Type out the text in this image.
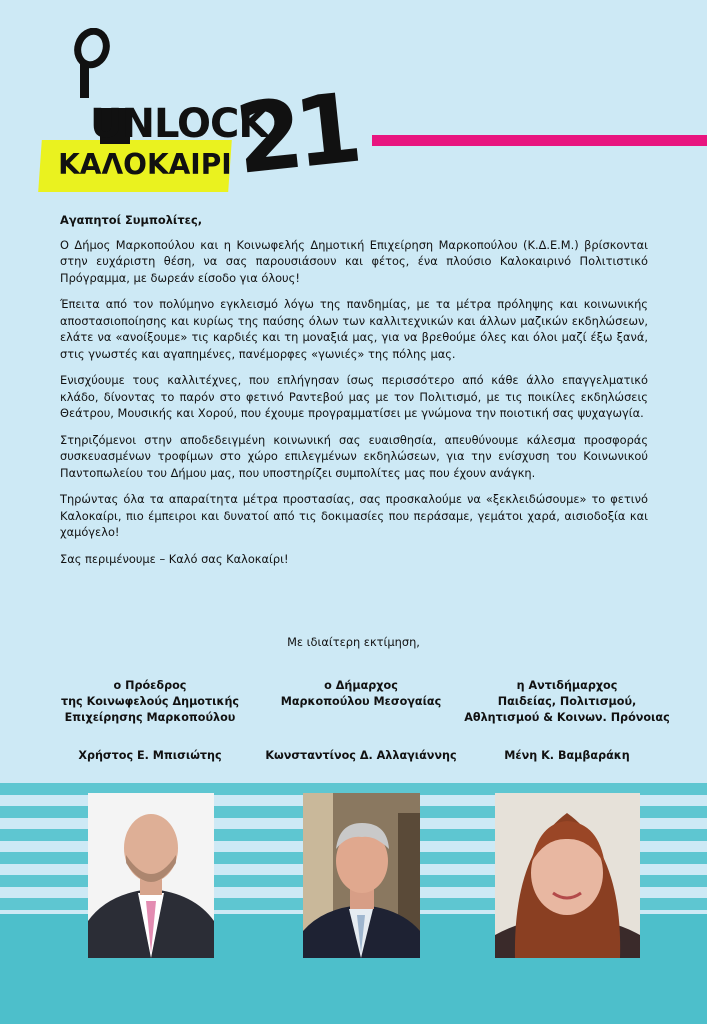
ΚΑΛΟΚΑΙΡΙ
UNLOCK
21

Αγαπητοί Συμπολίτες,

Ο Δήμος Μαρκοπούλου και η Κοινωφελής Δημοτική Επιχείρηση Μαρκοπούλου (Κ.Δ.Ε.Μ.) βρίσκονται στην ευχάριστη θέση, να σας παρουσιάσουν και φέτος, ένα πλούσιο Καλοκαιρινό Πολιτιστικό Πρόγραμμα, με δωρεάν είσοδο για όλους!

Έπειτα από τον πολύμηνο εγκλεισμό λόγω της πανδημίας, με τα μέτρα πρόληψης και κοινωνικής αποστασιοποίησης και κυρίως της παύσης όλων των καλλιτεχνικών και άλλων μαζικών εκδηλώσεων, ελάτε να «ανοίξουμε» τις καρδιές και τη μοναξιά μας, για να βρεθούμε όλες και όλοι μαζί έξω ξανά, στις γνωστές και αγαπημένες, πανέμορφες «γωνιές» της πόλης μας.

Ενισχύουμε τους καλλιτέχνες, που επλήγησαν ίσως περισσότερο από κάθε άλλο επαγγελματικό κλάδο, δίνοντας το παρόν στο φετινό Ραντεβού μας με τον Πολιτισμό, με τις ποικίλες εκδηλώσεις Θεάτρου, Μουσικής και Χορού, που έχουμε προγραμματίσει με γνώμονα την ποιοτική σας ψυχαγωγία.

Στηριζόμενοι στην αποδεδειγμένη κοινωνική σας ευαισθησία, απευθύνουμε κάλεσμα προσφοράς συσκευασμένων τροφίμων στο χώρο επιλεγμένων εκδηλώσεων, για την ενίσχυση του Κοινωνικού Παντοπωλείου του Δήμου μας, που υποστηρίζει συμπολίτες μας που έχουν ανάγκη.

Τηρώντας όλα τα απαραίτητα μέτρα προστασίας, σας προσκαλούμε να «ξεκλειδώσουμε» το φετινό Καλοκαίρι, πιο έμπειροι και δυνατοί από τις δοκιμασίες που περάσαμε, γεμάτοι χαρά, αισιοδοξία και χαμόγελο!

Σας περιμένουμε – Καλό σας Καλοκαίρι!

Με ιδιαίτερη εκτίμηση,
ο Πρόεδρος
της Κοινωφελούς Δημοτικής
Επιχείρησης Μαρκοπούλου
Χρήστος Ε. Μπισιώτης
ο Δήμαρχος
Μαρκοπούλου Μεσογαίας

Κωνσταντίνος Δ. Αλλαγιάννης
η Αντιδήμαρχος
Παιδείας, Πολιτισμού,
Αθλητισμού & Κοινων. Πρόνοιας
Μένη Κ. Βαμβαράκη
